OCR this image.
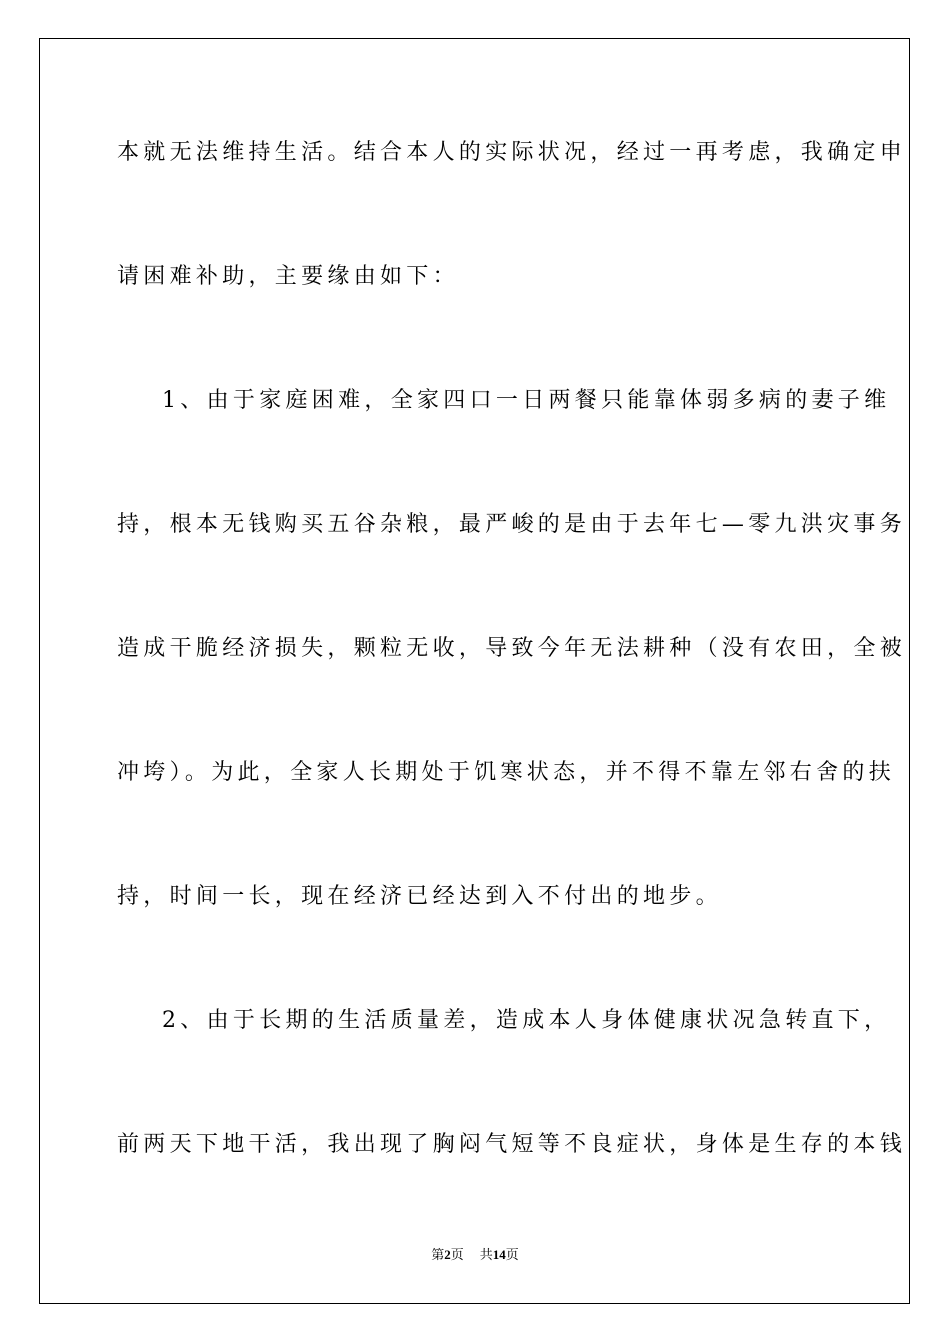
本就无法维持生活。结合本人的实际状况，经过一再考虑，我确定申
请困难补助，主要缘由如下：
1、由于家庭困难，全家四口一日两餐只能靠体弱多病的妻子维
持，根本无钱购买五谷杂粮，最严峻的是由于去年七—零九洪灾事务
造成干脆经济损失，颗粒无收，导致今年无法耕种（没有农田，全被
冲垮）。为此，全家人长期处于饥寒状态，并不得不靠左邻右舍的扶
持，时间一长，现在经济已经达到入不付出的地步。
2、由于长期的生活质量差，造成本人身体健康状况急转直下，
前两天下地干活，我出现了胸闷气短等不良症状，身体是生存的本钱
第2页 共14页
